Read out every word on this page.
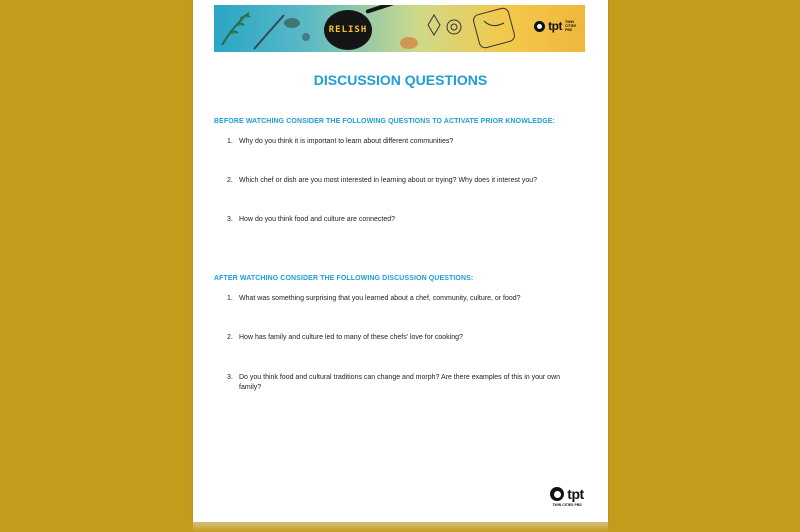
RELISH	tpt TWIN CITIES PBS
DISCUSSION QUESTIONS
BEFORE WATCHING CONSIDER THE FOLLOWING QUESTIONS TO ACTIVATE PRIOR KNOWLEDGE:
1. Why do you think it is important to learn about different communities?
2. Which chef or dish are you most interested in learning about or trying? Why does it interest you?
3. How do you think food and culture are connected?
AFTER WATCHING CONSIDER THE FOLLOWING DISCUSSION QUESTIONS:
1. What was something surprising that you learned about a chef, community, culture, or food?
2. How has family and culture led to many of these chefs' love for cooking?
3. Do you think food and cultural traditions can change and morph? Are there examples of this in your own family?
tpt
TWIN CITIES PBS
